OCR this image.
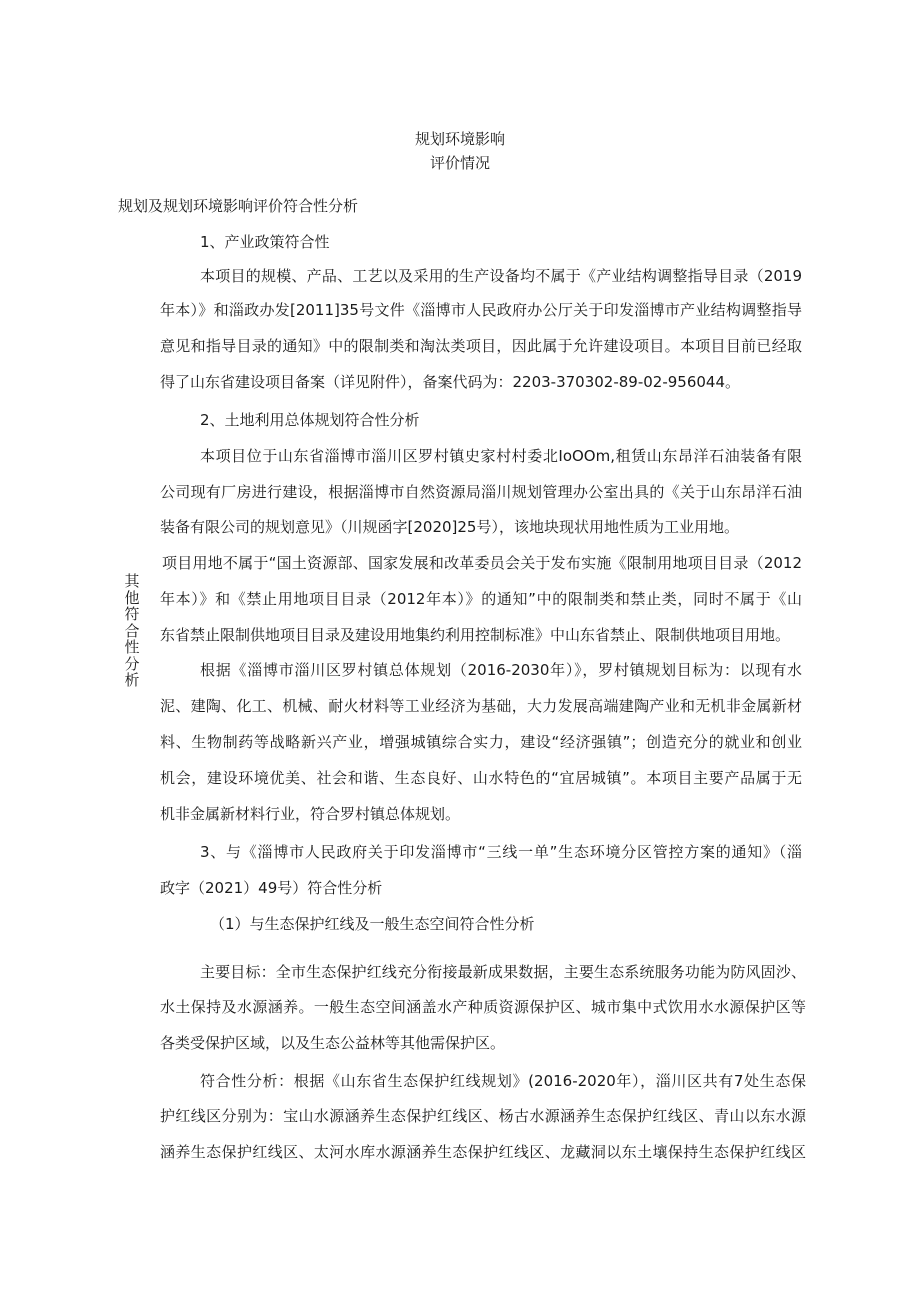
规划环境影响
评价情况
规划及规划环境影响评价符合性分析
其他符合性分析
1、产业政策符合性
本项目的规模、产品、工艺以及采用的生产设备均不属于《产业结构调整指导目录（2019
年本）》和淄政办发[2011]35号文件《淄博市人民政府办公厅关于印发淄博市产业结构调整指导
意见和指导目录的通知》中的限制类和淘汰类项目，因此属于允许建设项目。本项目目前已经取
得了山东省建设项目备案（详见附件），备案代码为：2203-370302-89-02-956044。
2、土地利用总体规划符合性分析
本项目位于山东省淄博市淄川区罗村镇史家村村委北IoOOm,租赁山东昂洋石油装备有限
公司现有厂房进行建设，根据淄博市自然资源局淄川规划管理办公室出具的《关于山东昂洋石油
装备有限公司的规划意见》（川规函字[2020]25号），该地块现状用地性质为工业用地。
项目用地不属于“国土资源部、国家发展和改革委员会关于发布实施《限制用地项目目录（2012
年本）》和《禁止用地项目目录（2012年本）》的通知”中的限制类和禁止类，同时不属于《山
东省禁止限制供地项目目录及建设用地集约利用控制标准》中山东省禁止、限制供地项目用地。
根据《淄博市淄川区罗村镇总体规划（2016-2030年）》，罗村镇规划目标为：以现有水
泥、建陶、化工、机械、耐火材料等工业经济为基础，大力发展高端建陶产业和无机非金属新材
料、生物制药等战略新兴产业，增强城镇综合实力，建设“经济强镇”；创造充分的就业和创业
机会，建设环境优美、社会和谐、生态良好、山水特色的“宜居城镇”。本项目主要产品属于无
机非金属新材料行业，符合罗村镇总体规划。
3、与《淄博市人民政府关于印发淄博市“三线一单”生态环境分区管控方案的通知》（淄
政字（2021）49号）符合性分析
（1）与生态保护红线及一般生态空间符合性分析
主要目标：全市生态保护红线充分衔接最新成果数据，主要生态系统服务功能为防风固沙、
水土保持及水源涵养。一般生态空间涵盖水产种质资源保护区、城市集中式饮用水水源保护区等
各类受保护区域，以及生态公益林等其他需保护区。
符合性分析：根据《山东省生态保护红线规划》(2016-2020年），淄川区共有7处生态保
护红线区分别为：宝山水源涵养生态保护红线区、杨古水源涵养生态保护红线区、青山以东水源
涵养生态保护红线区、太河水库水源涵养生态保护红线区、龙藏洞以东土壤保持生态保护红线区
